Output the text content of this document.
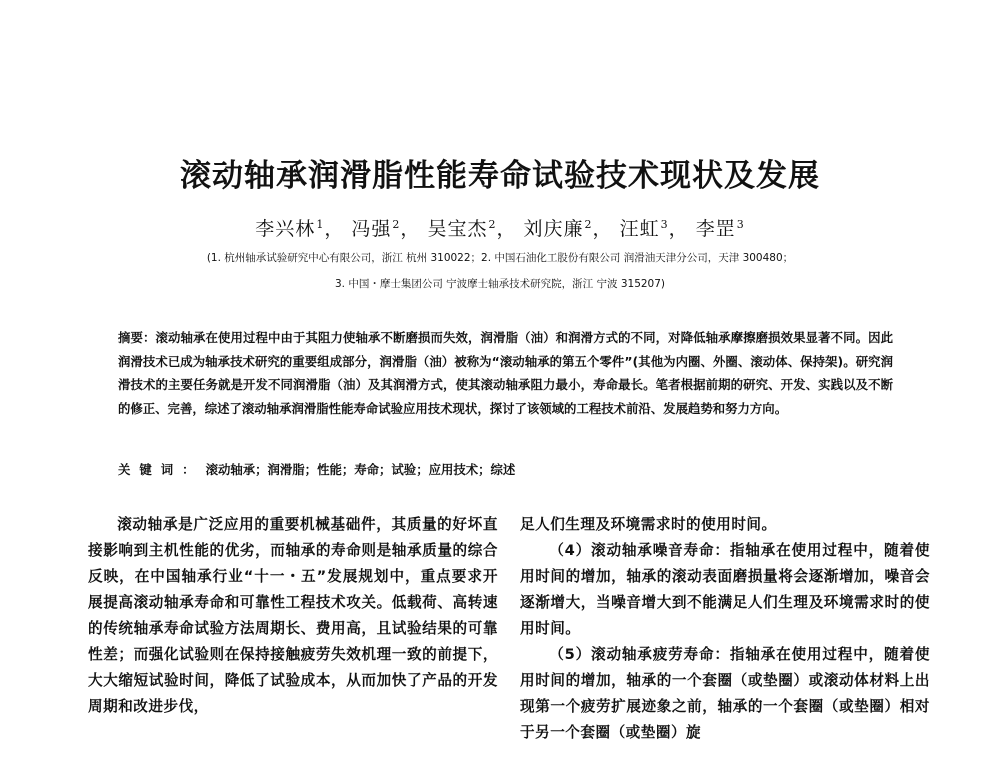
滚动轴承润滑脂性能寿命试验技术现状及发展
李兴林$^1$， 冯强$^2$， 吴宝杰$^2$， 刘庆廉$^2$， 汪虹$^3$， 李罡$^3$
(1. 杭州轴承试验研究中心有限公司，浙江 杭州 310022；2. 中国石油化工股份有限公司 润滑油天津分公司，天津 300480；
3. 中国・摩士集团公司 宁波摩士轴承技术研究院，浙江 宁波 315207)
摘要：滚动轴承在使用过程中由于其阻力使轴承不断磨损而失效，润滑脂（油）和润滑方式的不同，对降低轴承摩擦磨损效果显著不同。因此润滑技术已成为轴承技术研究的重要组成部分，润滑脂（油）被称为“滚动轴承的第五个零件”(其他为内圈、外圈、滚动体、保持架)。研究润滑技术的主要任务就是开发不同润滑脂（油）及其润滑方式，使其滚动轴承阻力最小，寿命最长。笔者根据前期的研究、开发、实践以及不断的修正、完善，综述了滚动轴承润滑脂性能寿命试验应用技术现状，探讨了该领域的工程技术前沿、发展趋势和努力方向。
关键词： 滚动轴承；润滑脂；性能；寿命；试验；应用技术；综述

滚动轴承是广泛应用的重要机械基础件，其质量的好坏直接影响到主机性能的优劣，而轴承的寿命则是轴承质量的综合反映，在中国轴承行业“十一・五”发展规划中，重点要求开展提高滚动轴承寿命和可靠性工程技术攻关。低载荷、高转速的传统轴承寿命试验方法周期长、费用高，且试验结果的可靠性差；而强化试验则在保持接触疲劳失效机理一致的前提下，大大缩短试验时间，降低了试验成本，从而加快了产品的开发周期和改进步伐，

足人们生理及环境需求时的使用时间。

（4）滚动轴承噪音寿命：指轴承在使用过程中，随着使用时间的增加，轴承的滚动表面磨损量将会逐渐增加，噪音会逐渐增大，当噪音增大到不能满足人们生理及环境需求时的使用时间。

（5）滚动轴承疲劳寿命：指轴承在使用过程中，随着使用时间的增加，轴承的一个套圈（或垫圈）或滚动体材料上出现第一个疲劳扩展迹象之前，轴承的一个套圈（或垫圈）相对于另一个套圈（或垫圈）旋
